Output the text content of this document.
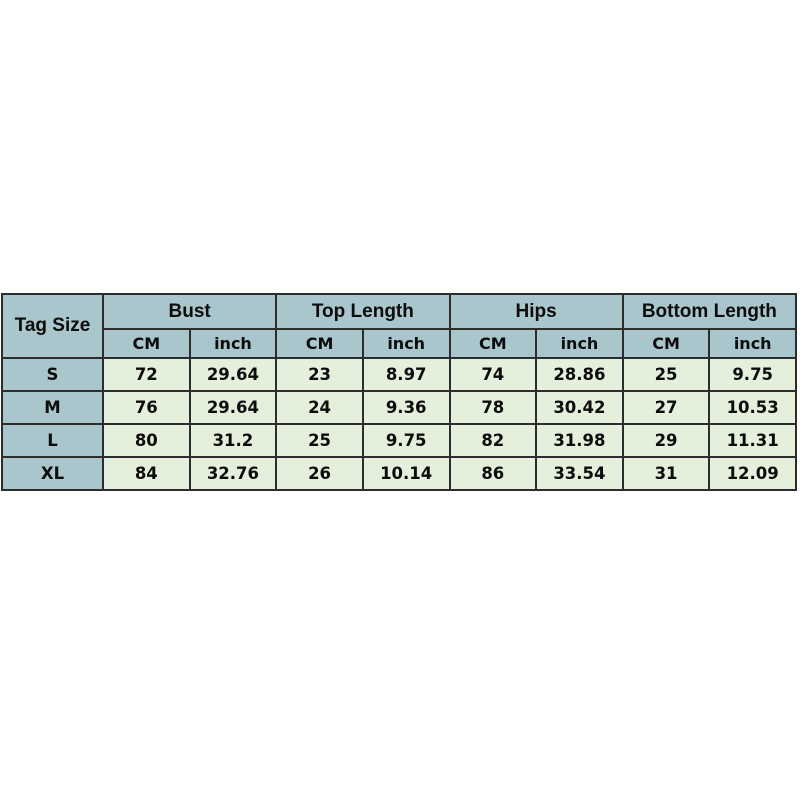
Tag Size	Bust		Top Length		Hips		Bottom Length	
	CM	inch	CM	inch	CM	inch	CM	inch
S	72	29.64	23	8.97	74	28.86	25	9.75
M	76	29.64	24	9.36	78	30.42	27	10.53
L	80	31.2	25	9.75	82	31.98	29	11.31
XL	84	32.76	26	10.14	86	33.54	31	12.09
